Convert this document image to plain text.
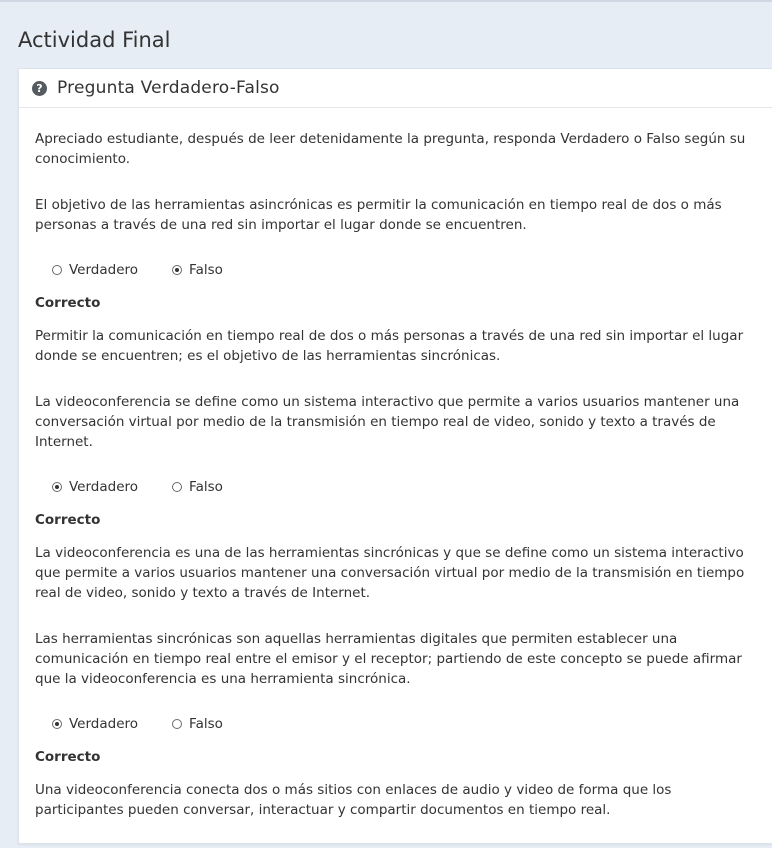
Actividad Final
? Pregunta Verdadero-Falso

Apreciado estudiante, después de leer detenidamente la pregunta, responda Verdadero o Falso según su conocimiento.

El objetivo de las herramientas asincrónicas es permitir la comunicación en tiempo real de dos o más personas a través de una red sin importar el lugar donde se encuentren.

Verdadero	Falso
Correcto

Permitir la comunicación en tiempo real de dos o más personas a través de una red sin importar el lugar donde se encuentren; es el objetivo de las herramientas sincrónicas.

La videoconferencia se define como un sistema interactivo que permite a varios usuarios mantener una conversación virtual por medio de la transmisión en tiempo real de video, sonido y texto a través de Internet.

Verdadero	Falso
Correcto

La videoconferencia es una de las herramientas sincrónicas y que se define como un sistema interactivo que permite a varios usuarios mantener una conversación virtual por medio de la transmisión en tiempo real de video, sonido y texto a través de Internet.

Las herramientas sincrónicas son aquellas herramientas digitales que permiten establecer una comunicación en tiempo real entre el emisor y el receptor; partiendo de este concepto se puede afirmar que la videoconferencia es una herramienta sincrónica.

Verdadero	Falso
Correcto

Una videoconferencia conecta dos o más sitios con enlaces de audio y video de forma que los participantes pueden conversar, interactuar y compartir documentos en tiempo real.
